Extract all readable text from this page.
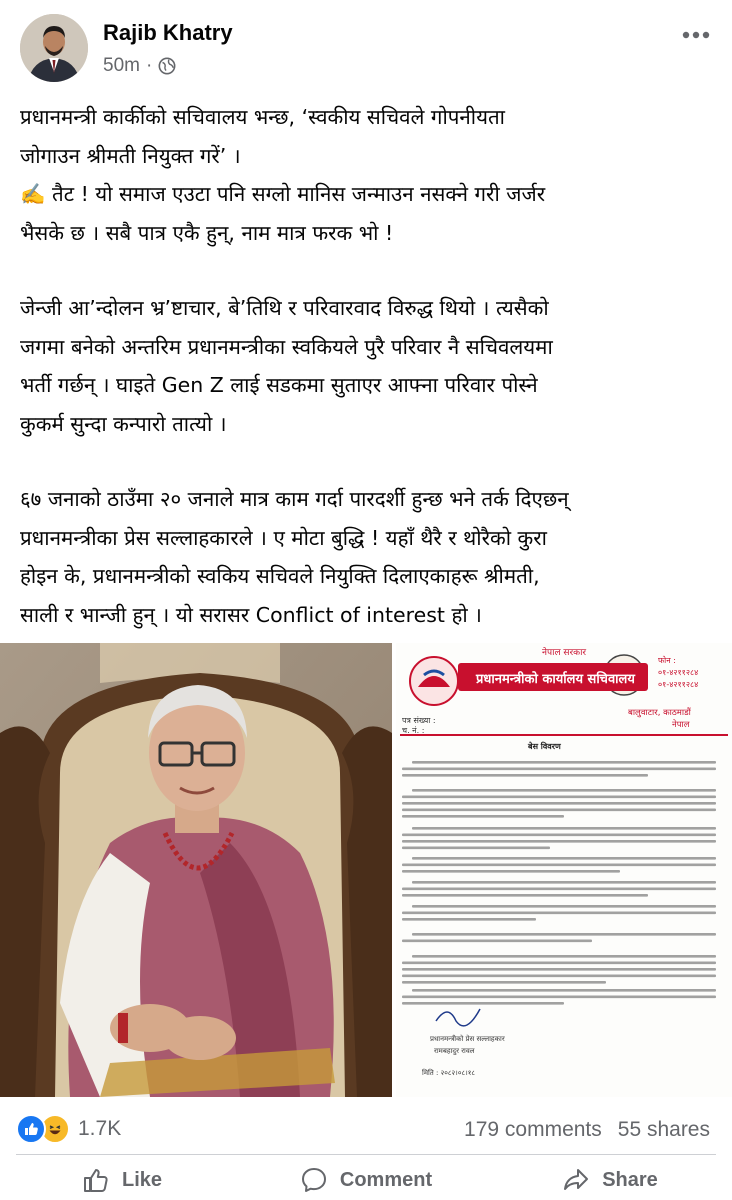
Rajib Khatry
50m ·

प्रधानमन्त्री कार्कीको सचिवालय भन्छ, ‘स्वकीय सचिवले गोपनीयता

जोगाउन श्रीमती नियुक्त गरें’ ।

✍️ तैट ! यो समाज एउटा पनि सग्लो मानिस जन्माउन नसक्ने गरी जर्जर

भैसके छ । सबै पात्र एकै हुन्, नाम मात्र फरक भो !

जेन्जी आ’न्दोलन भ्र’ष्टाचार, बे’तिथि र परिवारवाद विरुद्ध थियो । त्यसैको

जगमा बनेको अन्तरिम प्रधानमन्त्रीका स्वकियले पुरै परिवार नै सचिवलयमा

भर्ती गर्छन् । घाइते Gen Z लाई सडकमा सुताएर आफ्ना परिवार पोस्ने

कुकर्म सुन्दा कन्पारो तात्यो ।

६७ जनाको ठाउँमा २० जनाले मात्र काम गर्दा पारदर्शी हुन्छ भने तर्क दिएछन्

प्रधानमन्त्रीका प्रेस सल्लाहकारले । ए मोटा बुद्धि ! यहाँ थैरै र थोरैको कुरा

होइन के, प्रधानमन्त्रीको स्वकिय सचिवले नियुक्ति दिलाएकाहरू श्रीमती,

साली र भान्जी हुन् । यो सरासर Conflict of interest हो ।

नेपाल सरकार
प्रधानमन्त्रीको कार्यालय सचिवालय
फोन :
०१-४२११२८४
०१-४२११२८४
बालुवाटार, काठमाडौं
नेपाल
पत्र संख्या :
च. नं. :
बेस विवरण
प्रधानमन्त्रीको प्रेस सल्लाहकार
रामबहादुर रावल
मिति : २०८२।०८।१८
1.7K	179 comments 55 shares
Like	Comment	Share
